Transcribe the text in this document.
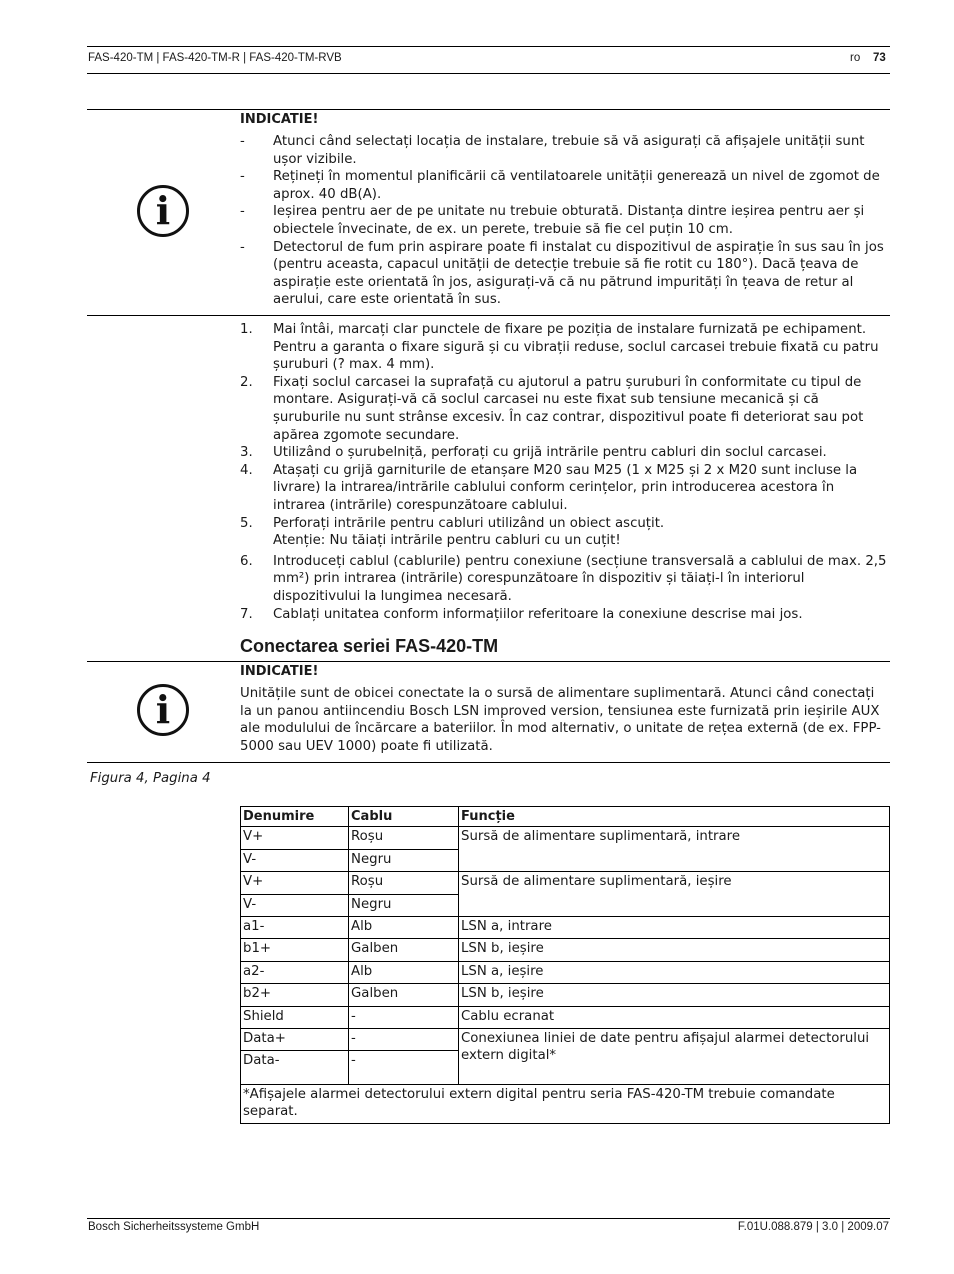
FAS-420-TM | FAS-420-TM-R | FAS-420-TM-RVB	ro 73
i
INDICATIE!
- Atunci când selectați locația de instalare, trebuie să vă asigurați că afișajele unității sunt ușor vizibile.
- Rețineți în momentul planificării că ventilatoarele unității generează un nivel de zgomot de aprox. 40 dB(A).
- Ieșirea pentru aer de pe unitate nu trebuie obturată. Distanța dintre ieșirea pentru aer și obiectele învecinate, de ex. un perete, trebuie să fie cel puțin 10 cm.
- Detectorul de fum prin aspirare poate fi instalat cu dispozitivul de aspirație în sus sau în jos (pentru aceasta, capacul unității de detecție trebuie să fie rotit cu 180°). Dacă țeava de aspirație este orientată în jos, asigurați-vă că nu pătrund impurități în țeava de retur al aerului, care este orientată în sus.
1. Mai întâi, marcați clar punctele de fixare pe poziția de instalare furnizată pe echipament. Pentru a garanta o fixare sigură și cu vibrații reduse, soclul carcasei trebuie fixată cu patru șuruburi (? max. 4 mm).
2. Fixați soclul carcasei la suprafață cu ajutorul a patru șuruburi în conformitate cu tipul de montare. Asigurați-vă că soclul carcasei nu este fixat sub tensiune mecanică și că șuruburile nu sunt strânse excesiv. În caz contrar, dispozitivul poate fi deteriorat sau pot apărea zgomote secundare.
3. Utilizând o șurubelniță, perforați cu grijă intrările pentru cabluri din soclul carcasei.
4. Atașați cu grijă garniturile de etanșare M20 sau M25 (1 x M25 și 2 x M20 sunt incluse la livrare) la intrarea/intrările cablului conform cerințelor, prin introducerea acestora în intrarea (intrările) corespunzătoare cablului.
5. Perforați intrările pentru cabluri utilizând un obiect ascuțit.
Atenție: Nu tăiați intrările pentru cabluri cu un cuțit!
6. Introduceți cablul (cablurile) pentru conexiune (secțiune transversală a cablului de max. 2,5 mm²) prin intrarea (intrările) corespunzătoare în dispozitiv și tăiați-l în interiorul dispozitivului la lungimea necesară.
7. Cablați unitatea conform informațiilor referitoare la conexiune descrise mai jos.
Conectarea seriei FAS-420-TM
i
INDICATIE!
Unitățile sunt de obicei conectate la o sursă de alimentare suplimentară. Atunci când conectați la un panou antiincendiu Bosch LSN improved version, tensiunea este furnizată prin ieșirile AUX ale modulului de încărcare a bateriilor. În mod alternativ, o unitate de rețea externă (de ex. FPP-5000 sau UEV 1000) poate fi utilizată.
Figura 4, Pagina 4
Denumire	Cablu	Funcție
V+	Roșu	Sursă de alimentare suplimentară, intrare
V-	Negru	
V+	Roșu	Sursă de alimentare suplimentară, ieșire
V-	Negru	
a1-	Alb	LSN a, intrare
b1+	Galben	LSN b, ieșire
a2-	Alb	LSN a, ieșire
b2+	Galben	LSN b, ieșire
Shield	-	Cablu ecranat
Data+	-	Conexiunea liniei de date pentru afișajul alarmei detectorului extern digital*
Data-	-	
*Afișajele alarmei detectorului extern digital pentru seria FAS-420-TM trebuie comandate separat.		
Bosch Sicherheitssysteme GmbH	F.01U.088.879 | 3.0 | 2009.07
